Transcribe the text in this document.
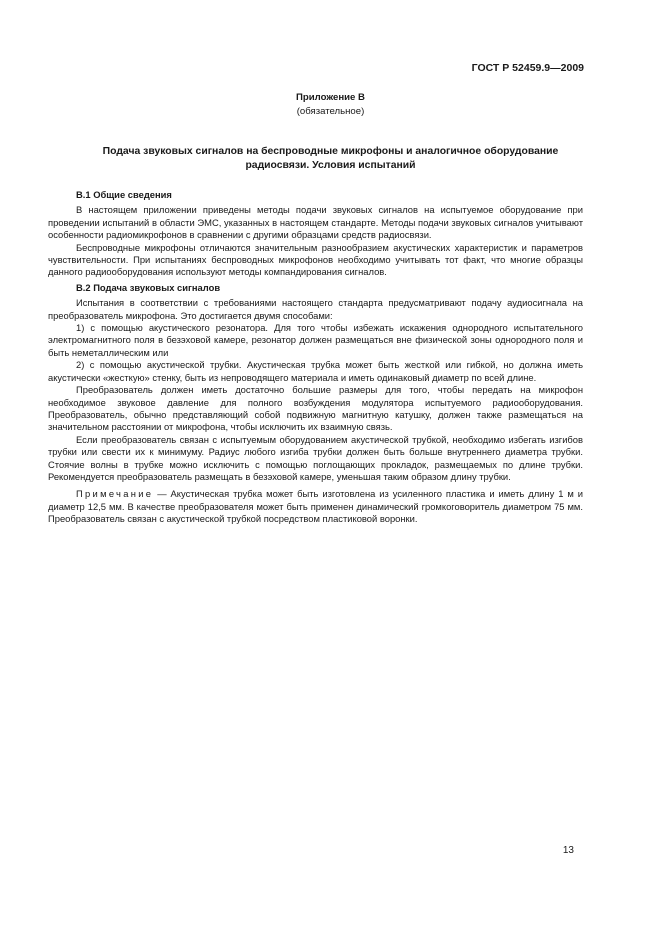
ГОСТ Р 52459.9—2009
Приложение В
(обязательное)
Подача звуковых сигналов на беспроводные микрофоны и аналогичное оборудование
радиосвязи. Условия испытаний

В.1 Общие сведения

В настоящем приложении приведены методы подачи звуковых сигналов на испытуемое оборудование при проведении испытаний в области ЭМС, указанных в настоящем стандарте. Методы подачи звуковых сигналов учитывают особенности радиомикрофонов в сравнении с другими образцами средств радиосвязи.

Беспроводные микрофоны отличаются значительным разнообразием акустических характеристик и параметров чувствительности. При испытаниях беспроводных микрофонов необходимо учитывать тот факт, что многие образцы данного радиооборудования используют методы компандирования сигналов.

В.2 Подача звуковых сигналов

Испытания в соответствии с требованиями настоящего стандарта предусматривают подачу аудиосигнала на преобразователь микрофона. Это достигается двумя способами:

1) с помощью акустического резонатора. Для того чтобы избежать искажения однородного испытательного электромагнитного поля в безэховой камере, резонатор должен размещаться вне физической зоны однородного поля и быть неметаллическим или

2) с помощью акустической трубки. Акустическая трубка может быть жесткой или гибкой, но должна иметь акустически «жесткую» стенку, быть из непроводящего материала и иметь одинаковый диаметр по всей длине.

Преобразователь должен иметь достаточно большие размеры для того, чтобы передать на микрофон необходимое звуковое давление для полного возбуждения модулятора испытуемого радиооборудования. Преобразователь, обычно представляющий собой подвижную магнитную катушку, должен также размещаться на значительном расстоянии от микрофона, чтобы исключить их взаимную связь.

Если преобразователь связан с испытуемым оборудованием акустической трубкой, необходимо избегать изгибов трубки или свести их к минимуму. Радиус любого изгиба трубки должен быть больше внутреннего диаметра трубки. Стоячие волны в трубке можно исключить с помощью поглощающих прокладок, размещаемых по длине трубки. Рекомендуется преобразователь размещать в безэховой камере, уменьшая таким образом длину трубки.

Примечание — Акустическая трубка может быть изготовлена из усиленного пластика и иметь длину 1 м и диаметр 12,5 мм. В качестве преобразователя может быть применен динамический громкоговоритель диаметром 75 мм. Преобразователь связан с акустической трубкой посредством пластиковой воронки.

13
